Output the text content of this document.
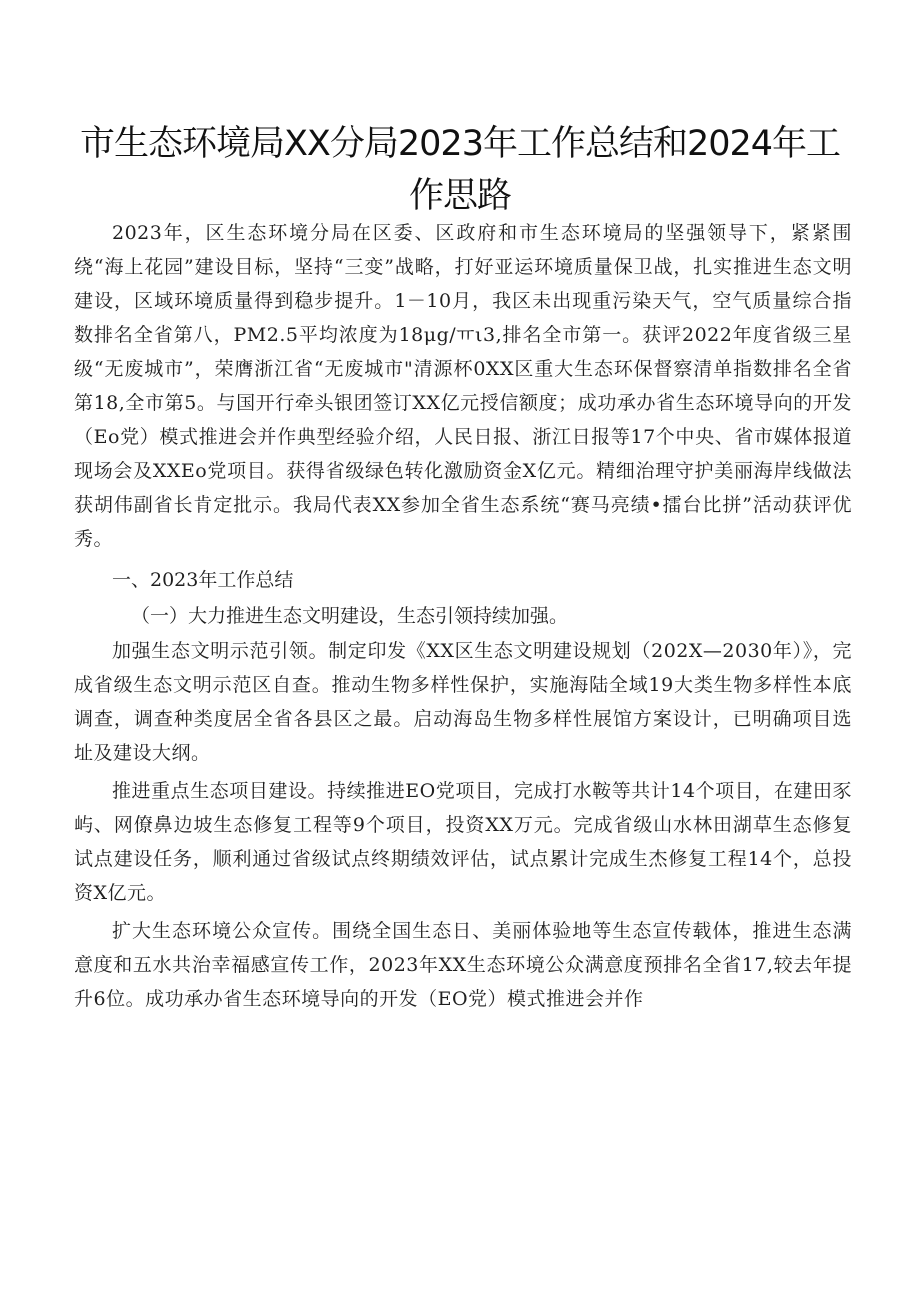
市生态环境局XX分局2023年工作总结和2024年工作思路

2023年，区生态环境分局在区委、区政府和市生态环境局的坚强领导下，紧紧围绕“海上花园”建设目标，坚持“三变”战略，打好亚运环境质量保卫战，扎实推进生态文明建设，区域环境质量得到稳步提升。1－10月，我区未出现重污染天气，空气质量综合指数排名全省第八，PM2.5平均浓度为18μg/ㅠι3,排名全市第一。获评2022年度省级三星级“无废城市”，荣膺浙江省“无废城市"清源杯0XX区重大生态环保督察清单指数排名全省第18,全市第5。与国开行牵头银团签订XX亿元授信额度；成功承办省生态环境导向的开发（Eo党）模式推进会并作典型经验介绍，人民日报、浙江日报等17个中央、省市媒体报道现场会及XXEo党项目。获得省级绿色转化激励资金X亿元。精细治理守护美丽海岸线做法获胡伟副省长肯定批示。我局代表XX参加全省生态系统“赛马亮绩•擂台比拼”活动获评优秀。

一、2023年工作总结

（一）大力推进生态文明建设，生态引领持续加强。

加强生态文明示范引领。制定印发《XX区生态文明建设规划（202X—2030年）》，完成省级生态文明示范区自查。推动生物多样性保护，实施海陆全域19大类生物多样性本底调查，调查种类度居全省各县区之最。启动海岛生物多样性展馆方案设计，已明确项目选址及建设大纲。

推进重点生态项目建设。持续推进EO党项目，完成打水鞍等共计14个项目，在建田豕屿、网僚鼻边坡生态修复工程等9个项目，投资XX万元。完成省级山水林田湖草生态修复试点建设任务，顺利通过省级试点终期绩效评估，试点累计完成生杰修复工程14个，总投资X亿元。

扩大生态环境公众宣传。围绕全国生态日、美丽体验地等生态宣传载体，推进生态满意度和五水共治幸福感宣传工作，2023年XX生态环境公众满意度预排名全省17,较去年提升6位。成功承办省生态环境导向的开发（EO党）模式推进会并作
